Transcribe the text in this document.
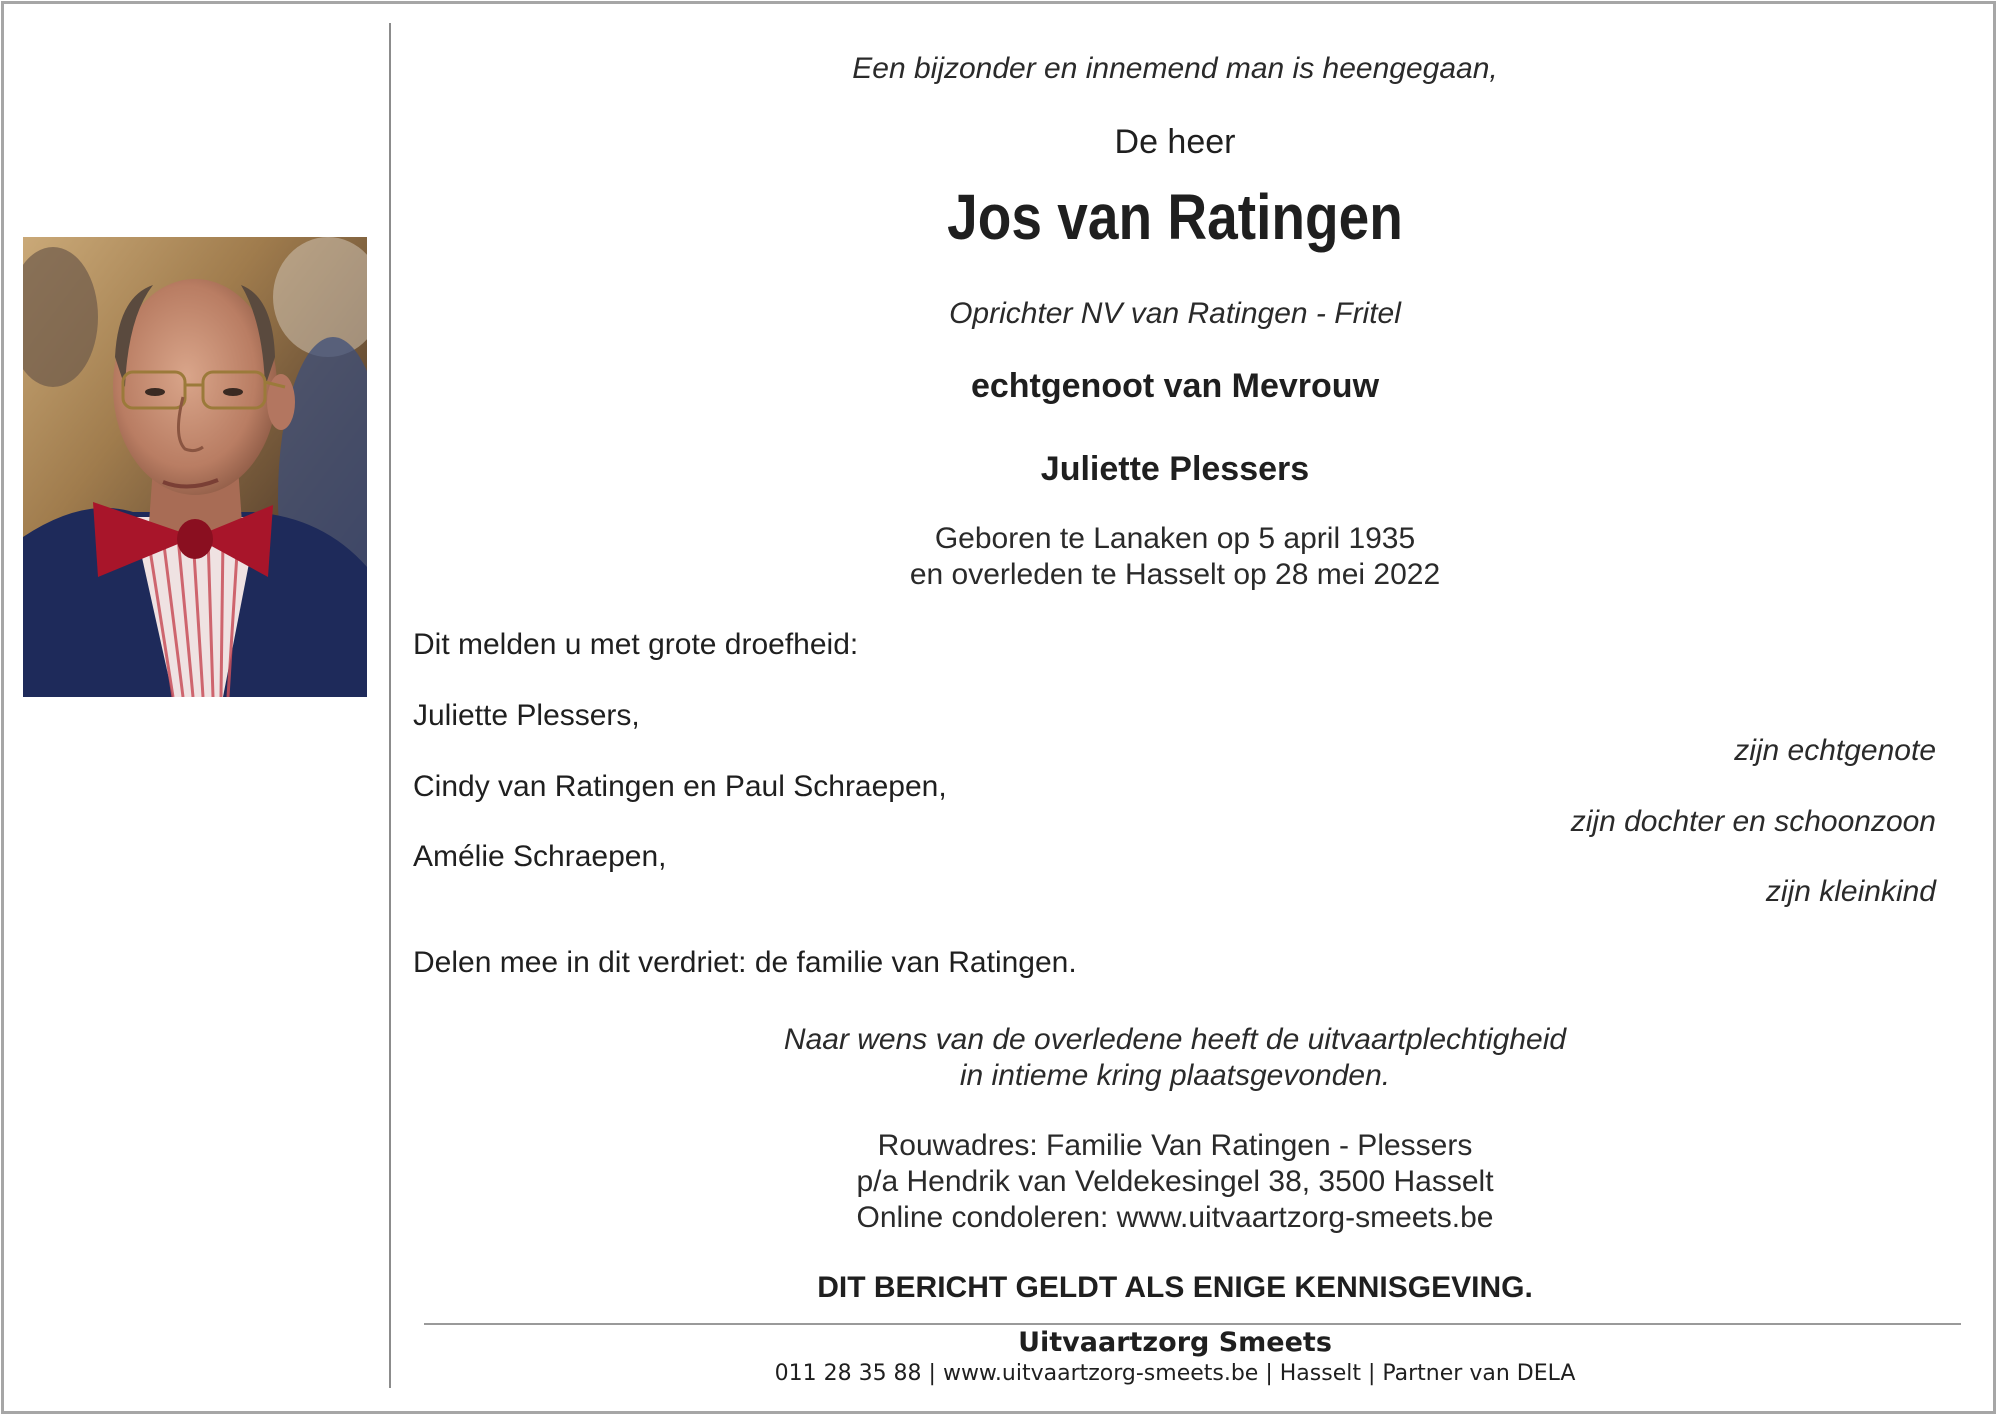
Een bijzonder en innemend man is heengegaan,
De heer
Jos van Ratingen
Oprichter NV van Ratingen - Fritel
echtgenoot van Mevrouw
Juliette Plessers
Geboren te Lanaken op 5 april 1935
en overleden te Hasselt op 28 mei 2022
Dit melden u met grote droefheid:
Juliette Plessers,
zijn echtgenote
Cindy van Ratingen en Paul Schraepen,
zijn dochter en schoonzoon
Amélie Schraepen,
zijn kleinkind
Delen mee in dit verdriet: de familie van Ratingen.
Naar wens van de overledene heeft de uitvaartplechtigheid
in intieme kring plaatsgevonden.
Rouwadres: Familie Van Ratingen - Plessers
p/a Hendrik van Veldekesingel 38, 3500 Hasselt
Online condoleren: www.uitvaartzorg-smeets.be
DIT BERICHT GELDT ALS ENIGE KENNISGEVING.
Uitvaartzorg Smeets
011 28 35 88 | www.uitvaartzorg-smeets.be | Hasselt | Partner van DELA
